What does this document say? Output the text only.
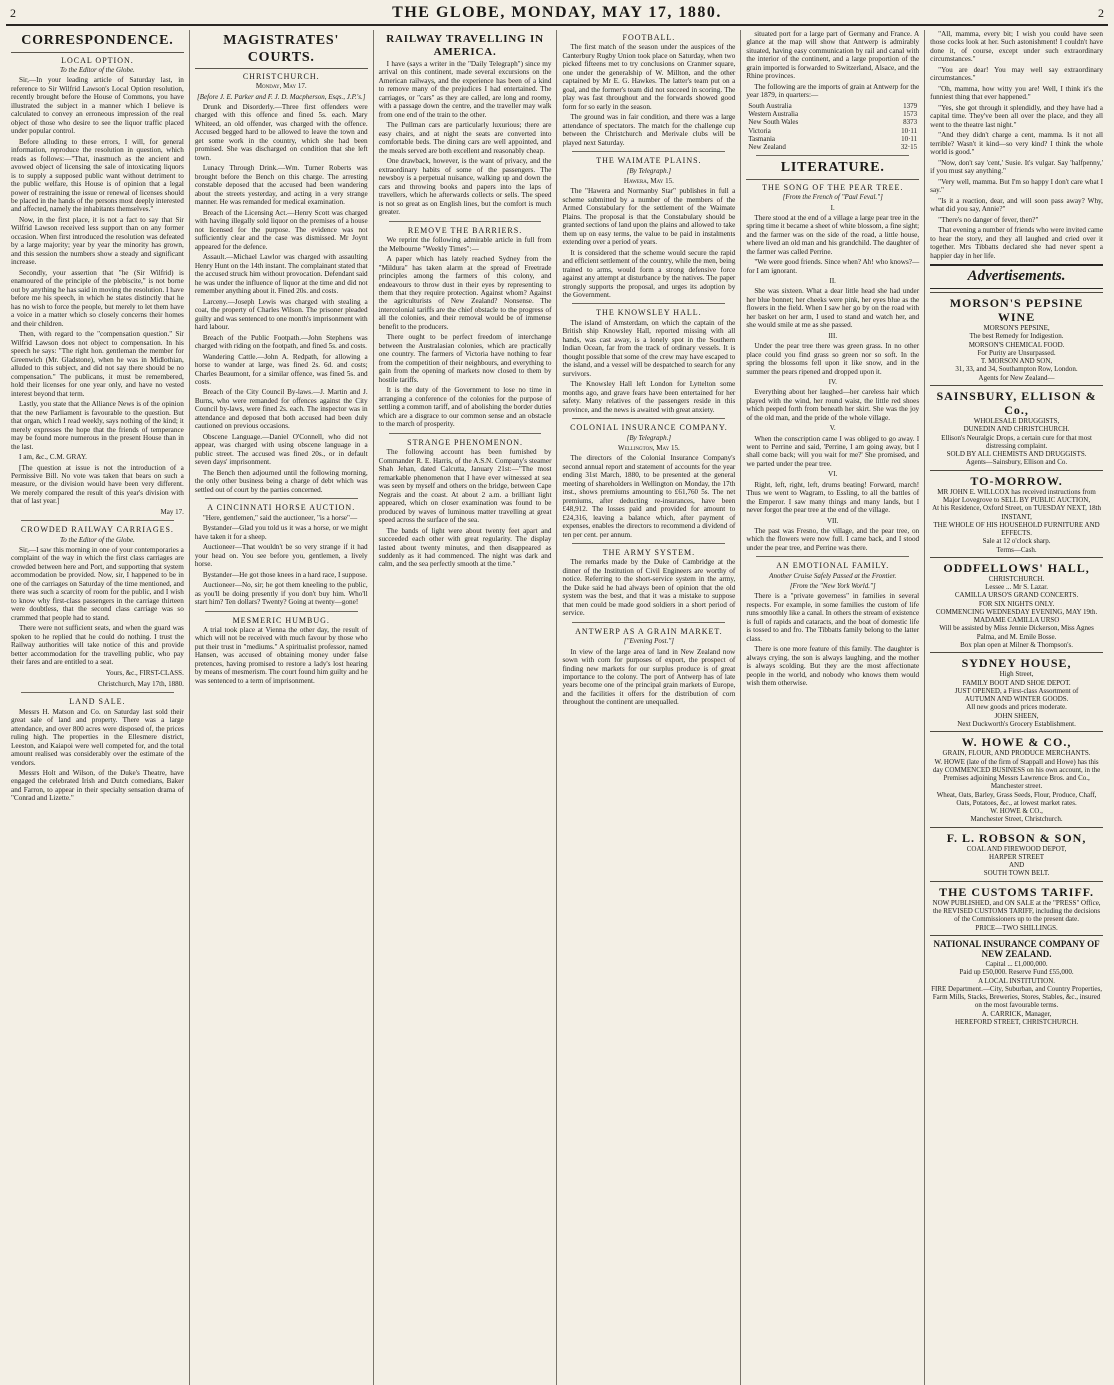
2	THE GLOBE, MONDAY, MAY 17, 1880.	2
CORRESPONDENCE.
LOCAL OPTION.
To the Editor of the Globe.

Sir,—In your leading article of Saturday last, in reference to Sir Wilfrid Lawson's Local Option resolution, recently brought before the House of Commons, you have illustrated the subject in a manner which I believe is calculated to convey an erroneous impression of the real object of those who desire to see the liquor traffic placed under popular control.

Before alluding to these errors, I will, for general information, reproduce the resolution in question, which reads as follows:—"That, inasmuch as the ancient and avowed object of licensing the sale of intoxicating liquors is to supply a supposed public want without detriment to the public welfare, this House is of opinion that a legal power of restraining the issue or renewal of licenses should be placed in the hands of the persons most deeply interested and affected, namely the inhabitants themselves."

Now, in the first place, it is not a fact to say that Sir Wilfrid Lawson received less support than on any former occasion. When first introduced the resolution was defeated by a large majority; year by year the minority has grown, and this session the numbers show a steady and significant increase.

Secondly, your assertion that "he (Sir Wilfrid) is enamoured of the principle of the plebiscite," is not borne out by anything he has said in moving the resolution. I have before me his speech, in which he states distinctly that he has no wish to force the people, but merely to let them have a voice in a matter which so closely concerns their homes and their children.

Then, with regard to the "compensation question." Sir Wilfrid Lawson does not object to compensation. In his speech he says: "The right hon. gentleman the member for Greenwich (Mr. Gladstone), when he was in Midlothian, alluded to this subject, and did not say there should be no compensation." The publicans, it must be remembered, hold their licenses for one year only, and have no vested interest beyond that term.

Lastly, you state that the Alliance News is of the opinion that the new Parliament is favourable to the question. But that organ, which I read weekly, says nothing of the kind; it merely expresses the hope that the friends of temperance may be found more numerous in the present House than in the last.

I am, &c., C.M. GRAY.

[The question at issue is not the introduction of a Permissive Bill. No vote was taken that bears on such a measure, or the division would have been very different. We merely compared the result of this year's division with that of last year.]

May 17.
CROWDED RAILWAY CARRIAGES.
To the Editor of the Globe.

Sir,—I saw this morning in one of your contemporaries a complaint of the way in which the first class carriages are crowded between here and Port, and supporting that system accommodation be provided. Now, sir, I happened to be in one of the carriages on Saturday of the time mentioned, and there was such a scarcity of room for the public, and I wish to know why first-class passengers in the carriage thirteen were doubtless, that the second class carriage was so crammed that people had to stand.

There were not sufficient seats, and when the guard was spoken to he replied that he could do nothing. I trust the Railway authorities will take notice of this and provide better accommodation for the travelling public, who pay their fares and are entitled to a seat.

Yours, &c., FIRST-CLASS.
Christchurch, May 17th, 1880.
LAND SALE.

Messrs H. Matson and Co. on Saturday last sold their great sale of land and property. There was a large attendance, and over 800 acres were disposed of, the prices ruling high. The properties in the Ellesmere district, Leeston, and Kaiapoi were well competed for, and the total amount realised was considerably over the estimate of the vendors.

Messrs Holt and Wilson, of the Duke's Theatre, have engaged the celebrated Irish and Dutch comedians, Baker and Farron, to appear in their specialty sensation drama of "Conrad and Lizette."

MAGISTRATES' COURTS.
CHRISTCHURCH.
Monday, May 17.
[Before J. E. Parker and F. J. D. Macpherson, Esqs., J.P.'s.]

Drunk and Disorderly.—Three first offenders were charged with this offence and fined 5s. each. Mary Whiteed, an old offender, was charged with the offence. Accused begged hard to be allowed to leave the town and get some work in the country, which she had been promised. She was discharged on condition that she left town.

Lunacy Through Drink.—Wm. Turner Roberts was brought before the Bench on this charge. The arresting constable deposed that the accused had been wandering about the streets yesterday, and acting in a very strange manner. He was remanded for medical examination.

Breach of the Licensing Act.—Henry Scott was charged with having illegally sold liquor on the premises of a house not licensed for the purpose. The evidence was not sufficiently clear and the case was dismissed. Mr Joynt appeared for the defence.

Assault.—Michael Lawlor was charged with assaulting Henry Hunt on the 14th instant. The complainant stated that the accused struck him without provocation. Defendant said he was under the influence of liquor at the time and did not remember anything about it. Fined 20s. and costs.

Larceny.—Joseph Lewis was charged with stealing a coat, the property of Charles Wilson. The prisoner pleaded guilty and was sentenced to one month's imprisonment with hard labour.

Breach of the Public Footpath.—John Stephens was charged with riding on the footpath, and fined 5s. and costs.

Wandering Cattle.—John A. Redpath, for allowing a horse to wander at large, was fined 2s. 6d. and costs; Charles Beaumont, for a similar offence, was fined 5s. and costs.

Breach of the City Council By-laws.—J. Martin and J. Burns, who were remanded for offences against the City Council by-laws, were fined 2s. each. The inspector was in attendance and deposed that both accused had been duly cautioned on previous occasions.

Obscene Language.—Daniel O'Connell, who did not appear, was charged with using obscene language in a public street. The accused was fined 20s., or in default seven days' imprisonment.

The Bench then adjourned until the following morning, the only other business being a charge of debt which was settled out of court by the parties concerned.

A CINCINNATI HORSE AUCTION.

"Here, gentlemen," said the auctioneer, "is a horse"—

Bystander—Glad you told us it was a horse, or we might have taken it for a sheep.

Auctioneer—That wouldn't be so very strange if it had your head on. You see before you, gentlemen, a lively horse.

Bystander—He got those knees in a hard race, I suppose.

Auctioneer—No, sir; he got them kneeling to the public, as you'll be doing presently if you don't buy him. Who'll start him? Ten dollars? Twenty? Going at twenty—gone!

MESMERIC HUMBUG.

A trial took place at Vienna the other day, the result of which will not be received with much favour by those who put their trust in "mediums." A spiritualist professor, named Hansen, was accused of obtaining money under false pretences, having promised to restore a lady's lost hearing by means of mesmerism. The court found him guilty and he was sentenced to a term of imprisonment.

RAILWAY TRAVELLING IN AMERICA.

I have (says a writer in the "Daily Telegraph") since my arrival on this continent, made several excursions on the American railways, and the experience has been of a kind to remove many of the prejudices I had entertained. The carriages, or "cars" as they are called, are long and roomy, with a passage down the centre, and the traveller may walk from one end of the train to the other.

The Pullman cars are particularly luxurious; there are easy chairs, and at night the seats are converted into comfortable beds. The dining cars are well appointed, and the meals served are both excellent and reasonably cheap.

One drawback, however, is the want of privacy, and the extraordinary habits of some of the passengers. The newsboy is a perpetual nuisance, walking up and down the cars and throwing books and papers into the laps of travellers, which he afterwards collects or sells. The speed is not so great as on English lines, but the comfort is much greater.

REMOVE THE BARRIERS.

We reprint the following admirable article in full from the Melbourne "Weekly Times":—

A paper which has lately reached Sydney from the "Mildura" has taken alarm at the spread of Freetrade principles among the farmers of this colony, and endeavours to throw dust in their eyes by representing to them that they require protection. Against whom? Against the agriculturists of New Zealand? Nonsense. The intercolonial tariffs are the chief obstacle to the progress of all the colonies, and their removal would be of immense benefit to the producers.

There ought to be perfect freedom of interchange between the Australasian colonies, which are practically one country. The farmers of Victoria have nothing to fear from the competition of their neighbours, and everything to gain from the opening of markets now closed to them by hostile tariffs.

It is the duty of the Government to lose no time in arranging a conference of the colonies for the purpose of settling a common tariff, and of abolishing the border duties which are a disgrace to our common sense and an obstacle to the march of prosperity.

STRANGE PHENOMENON.

The following account has been furnished by Commander R. E. Harris, of the A.S.N. Company's steamer Shah Jehan, dated Calcutta, January 21st:—"The most remarkable phenomenon that I have ever witnessed at sea was seen by myself and others on the bridge, between Cape Negrais and the coast. At about 2 a.m. a brilliant light appeared, which on closer examination was found to be produced by waves of luminous matter travelling at great speed across the surface of the sea.

The bands of light were about twenty feet apart and succeeded each other with great regularity. The display lasted about twenty minutes, and then disappeared as suddenly as it had commenced. The night was dark and calm, and the sea perfectly smooth at the time."

FOOTBALL.

The first match of the season under the auspices of the Canterbury Rugby Union took place on Saturday, when two picked fifteens met to try conclusions on Cranmer square, one under the generalship of W. Millton, and the other captained by Mr E. G. Hawkes. The latter's team put on a goal, and the former's team did not succeed in scoring. The play was fast throughout and the forwards showed good form for so early in the season.

The ground was in fair condition, and there was a large attendance of spectators. The match for the challenge cup between the Christchurch and Merivale clubs will be played next Saturday.

THE WAIMATE PLAINS.
[By Telegraph.]
Hawera, May 15.

The "Hawera and Normanby Star" publishes in full a scheme submitted by a number of the members of the Armed Constabulary for the settlement of the Waimate Plains. The proposal is that the Constabulary should be granted sections of land upon the plains and allowed to take them up on easy terms, the value to be paid in instalments extending over a period of years.

It is considered that the scheme would secure the rapid and efficient settlement of the country, while the men, being trained to arms, would form a strong defensive force against any attempt at disturbance by the natives. The paper strongly supports the proposal, and urges its adoption by the Government.

THE KNOWSLEY HALL.

The island of Amsterdam, on which the captain of the British ship Knowsley Hall, reported missing with all hands, was cast away, is a lonely spot in the Southern Indian Ocean, far from the track of ordinary vessels. It is thought possible that some of the crew may have escaped to the island, and a vessel will be despatched to search for any survivors.

The Knowsley Hall left London for Lyttelton some months ago, and grave fears have been entertained for her safety. Many relatives of the passengers reside in this province, and the news is awaited with great anxiety.

COLONIAL INSURANCE COMPANY.
[By Telegraph.]
Wellington, May 15.

The directors of the Colonial Insurance Company's second annual report and statement of accounts for the year ending 31st March, 1880, to be presented at the general meeting of shareholders in Wellington on Monday, the 17th inst., shows premiums amounting to £61,760 5s. The net premiums, after deducting re-insurances, have been £48,912. The losses paid and provided for amount to £24,316, leaving a balance which, after payment of expenses, enables the directors to recommend a dividend of ten per cent. per annum.

THE ARMY SYSTEM.

The remarks made by the Duke of Cambridge at the dinner of the Institution of Civil Engineers are worthy of notice. Referring to the short-service system in the army, the Duke said he had always been of opinion that the old system was the best, and that it was a mistake to suppose that men could be made good soldiers in a short period of service.

ANTWERP AS A GRAIN MARKET.
["Evening Post."]

In view of the large area of land in New Zealand now sown with corn for purposes of export, the prospect of finding new markets for our surplus produce is of great importance to the colony. The port of Antwerp has of late years become one of the principal grain markets of Europe, and the facilities it offers for the distribution of corn throughout the continent are unequalled.

situated port for a large part of Germany and France. A glance at the map will show that Antwerp is admirably situated, having easy communication by rail and canal with the interior of the continent, and a large proportion of the grain imported is forwarded to Switzerland, Alsace, and the Rhine provinces.

The following are the imports of grain at Antwerp for the year 1879, in quarters:—

South Australia	1379
Western Australia	1573
New South Wales	8373
Victoria	10·11
Tasmania	10·11
New Zealand	32·15
LITERATURE.
THE SONG OF THE PEAR TREE.
[From the French of "Paul Feval."]
I.

There stood at the end of a village a large pear tree in the spring time it became a sheet of white blossom, a fine sight; and the farmer was on the side of the road, a little house, where lived an old man and his grandchild. The daughter of the farmer was called Perrine.

"We were good friends. Since when? Ah! who knows?—for I am ignorant.

II.

She was sixteen. What a dear little head she had under her blue bonnet; her cheeks were pink, her eyes blue as the flowers in the field. When I saw her go by on the road with her basket on her arm, I used to stand and watch her, and she would smile at me as she passed.

III.

Under the pear tree there was green grass. In no other place could you find grass so green nor so soft. In the spring the blossoms fell upon it like snow, and in the summer the pears ripened and dropped upon it.

IV.

Everything about her laughed—her careless hair which played with the wind, her round waist, the little red shoes which peeped forth from beneath her skirt. She was the joy of the old man, and the pride of the whole village.

V.

When the conscription came I was obliged to go away. I went to Perrine and said, 'Perrine, I am going away, but I shall come back; will you wait for me?' She promised, and we parted under the pear tree.

VI.

Right, left, right, left, drums beating! Forward, march! Thus we went to Wagram, to Essling, to all the battles of the Emperor. I saw many things and many lands, but I never forgot the pear tree at the end of the village.

VII.

The past was Fresno, the village, and the pear tree, on which the flowers were now full. I came back, and I stood under the pear tree, and Perrine was there.

AN EMOTIONAL FAMILY.
Another Cruise Safely Passed at the Frontier.
[From the "New York World."]

There is a "private governess" in families in several respects. For example, in some families the custom of life runs smoothly like a canal. In others the stream of existence is full of rapids and cataracts, and the boat of domestic life is tossed to and fro. The Tibbatts family belong to the latter class.

There is one more feature of this family. The daughter is always crying, the son is always laughing, and the mother is always scolding. But they are the most affectionate people in the world, and nobody who knows them would wish them otherwise.

"All, mamma, every bit; I wish you could have seen those cocks look at her. Such astonishment! I couldn't have done it, of course, except under such extraordinary circumstances."

"You are dear! You may well say extraordinary circumstances."

"Oh, mamma, how witty you are! Well, I think it's the funniest thing that ever happened."

"Yes, she got through it splendidly, and they have had a capital time. They've been all over the place, and they all went to the theatre last night."

"And they didn't charge a cent, mamma. Is it not all terrible? Wasn't it kind—so very kind? I think the whole world is good."

"Now, don't say 'cent,' Susie. It's vulgar. Say 'halfpenny,' if you must say anything."

"Very well, mamma. But I'm so happy I don't care what I say."

"Is it a reaction, dear, and will soon pass away? Why, what did you say, Annie?"

"There's no danger of fever, then?"

That evening a number of friends who were invited came to hear the story, and they all laughed and cried over it together. Mrs Tibbatts declared she had never spent a happier day in her life.

Advertisements.
MORSON'S PEPSINE WINE
MORSON'S PEPSINE,
The best Remedy for Indigestion.
MORSON'S CHEMICAL FOOD.
For Purity are Unsurpassed.
T. MORSON AND SON,
31, 33, and 34, Southampton Row, London.
Agents for New Zealand—
SAINSBURY, ELLISON & Co.,
WHOLESALE DRUGGISTS,
DUNEDIN AND CHRISTCHURCH.
Ellison's Neuralgic Drops, a certain cure for that most distressing complaint.
SOLD BY ALL CHEMISTS AND DRUGGISTS.
Agents—Sainsbury, Ellison and Co.
TO-MORROW.
MR JOHN E. WILLCOX has received instructions from Major Lovegrove to SELL BY PUBLIC AUCTION,
At his Residence, Oxford Street, on TUESDAY NEXT, 18th INSTANT,
THE WHOLE OF HIS HOUSEHOLD FURNITURE AND EFFECTS.
Sale at 12 o'clock sharp.
Terms—Cash.
ODDFELLOWS' HALL,
CHRISTCHURCH.
Lessee ... Mr S. Lazar.
CAMILLA URSO'S GRAND CONCERTS.
FOR SIX NIGHTS ONLY.
COMMENCING WEDNESDAY EVENING, MAY 19th.
MADAME CAMILLA URSO
Will be assisted by Miss Jennie Dickerson, Miss Agnes Palma, and M. Emile Bosse.
Box plan open at Milner & Thompson's.
SYDNEY HOUSE,
High Street,
FAMILY BOOT AND SHOE DEPOT.
JUST OPENED, a First-class Assortment of
AUTUMN AND WINTER GOODS.
All new goods and prices moderate.
JOHN SHEEN,
Next Duckworth's Grocery Establishment.
W. HOWE & CO.,
GRAIN, FLOUR, AND PRODUCE MERCHANTS.
W. HOWE (late of the firm of Stappall and Howe) has this day COMMENCED BUSINESS on his own account, in the Premises adjoining Messrs Lawrence Bros. and Co., Manchester street.
Wheat, Oats, Barley, Grass Seeds, Flour, Produce, Chaff, Oats, Potatoes, &c., at lowest market rates.
W. HOWE & CO.,
Manchester Street, Christchurch.
F. L. ROBSON & SON,
COAL AND FIREWOOD DEPOT,
HARPER STREET
AND
SOUTH TOWN BELT.
THE CUSTOMS TARIFF.
NOW PUBLISHED, and ON SALE at the "PRESS" Office, the REVISED CUSTOMS TARIFF, including the decisions of the Commissioners up to the present date.
PRICE—TWO SHILLINGS.
NATIONAL INSURANCE COMPANY OF NEW ZEALAND.
Capital ... £1,000,000.
Paid up £50,000. Reserve Fund £55,000.
A LOCAL INSTITUTION.
FIRE Department.—City, Suburban, and Country Properties, Farm Mills, Stacks, Breweries, Stores, Stables, &c., insured on the most favourable terms.
A. CARRICK, Manager,
HEREFORD STREET, CHRISTCHURCH.
